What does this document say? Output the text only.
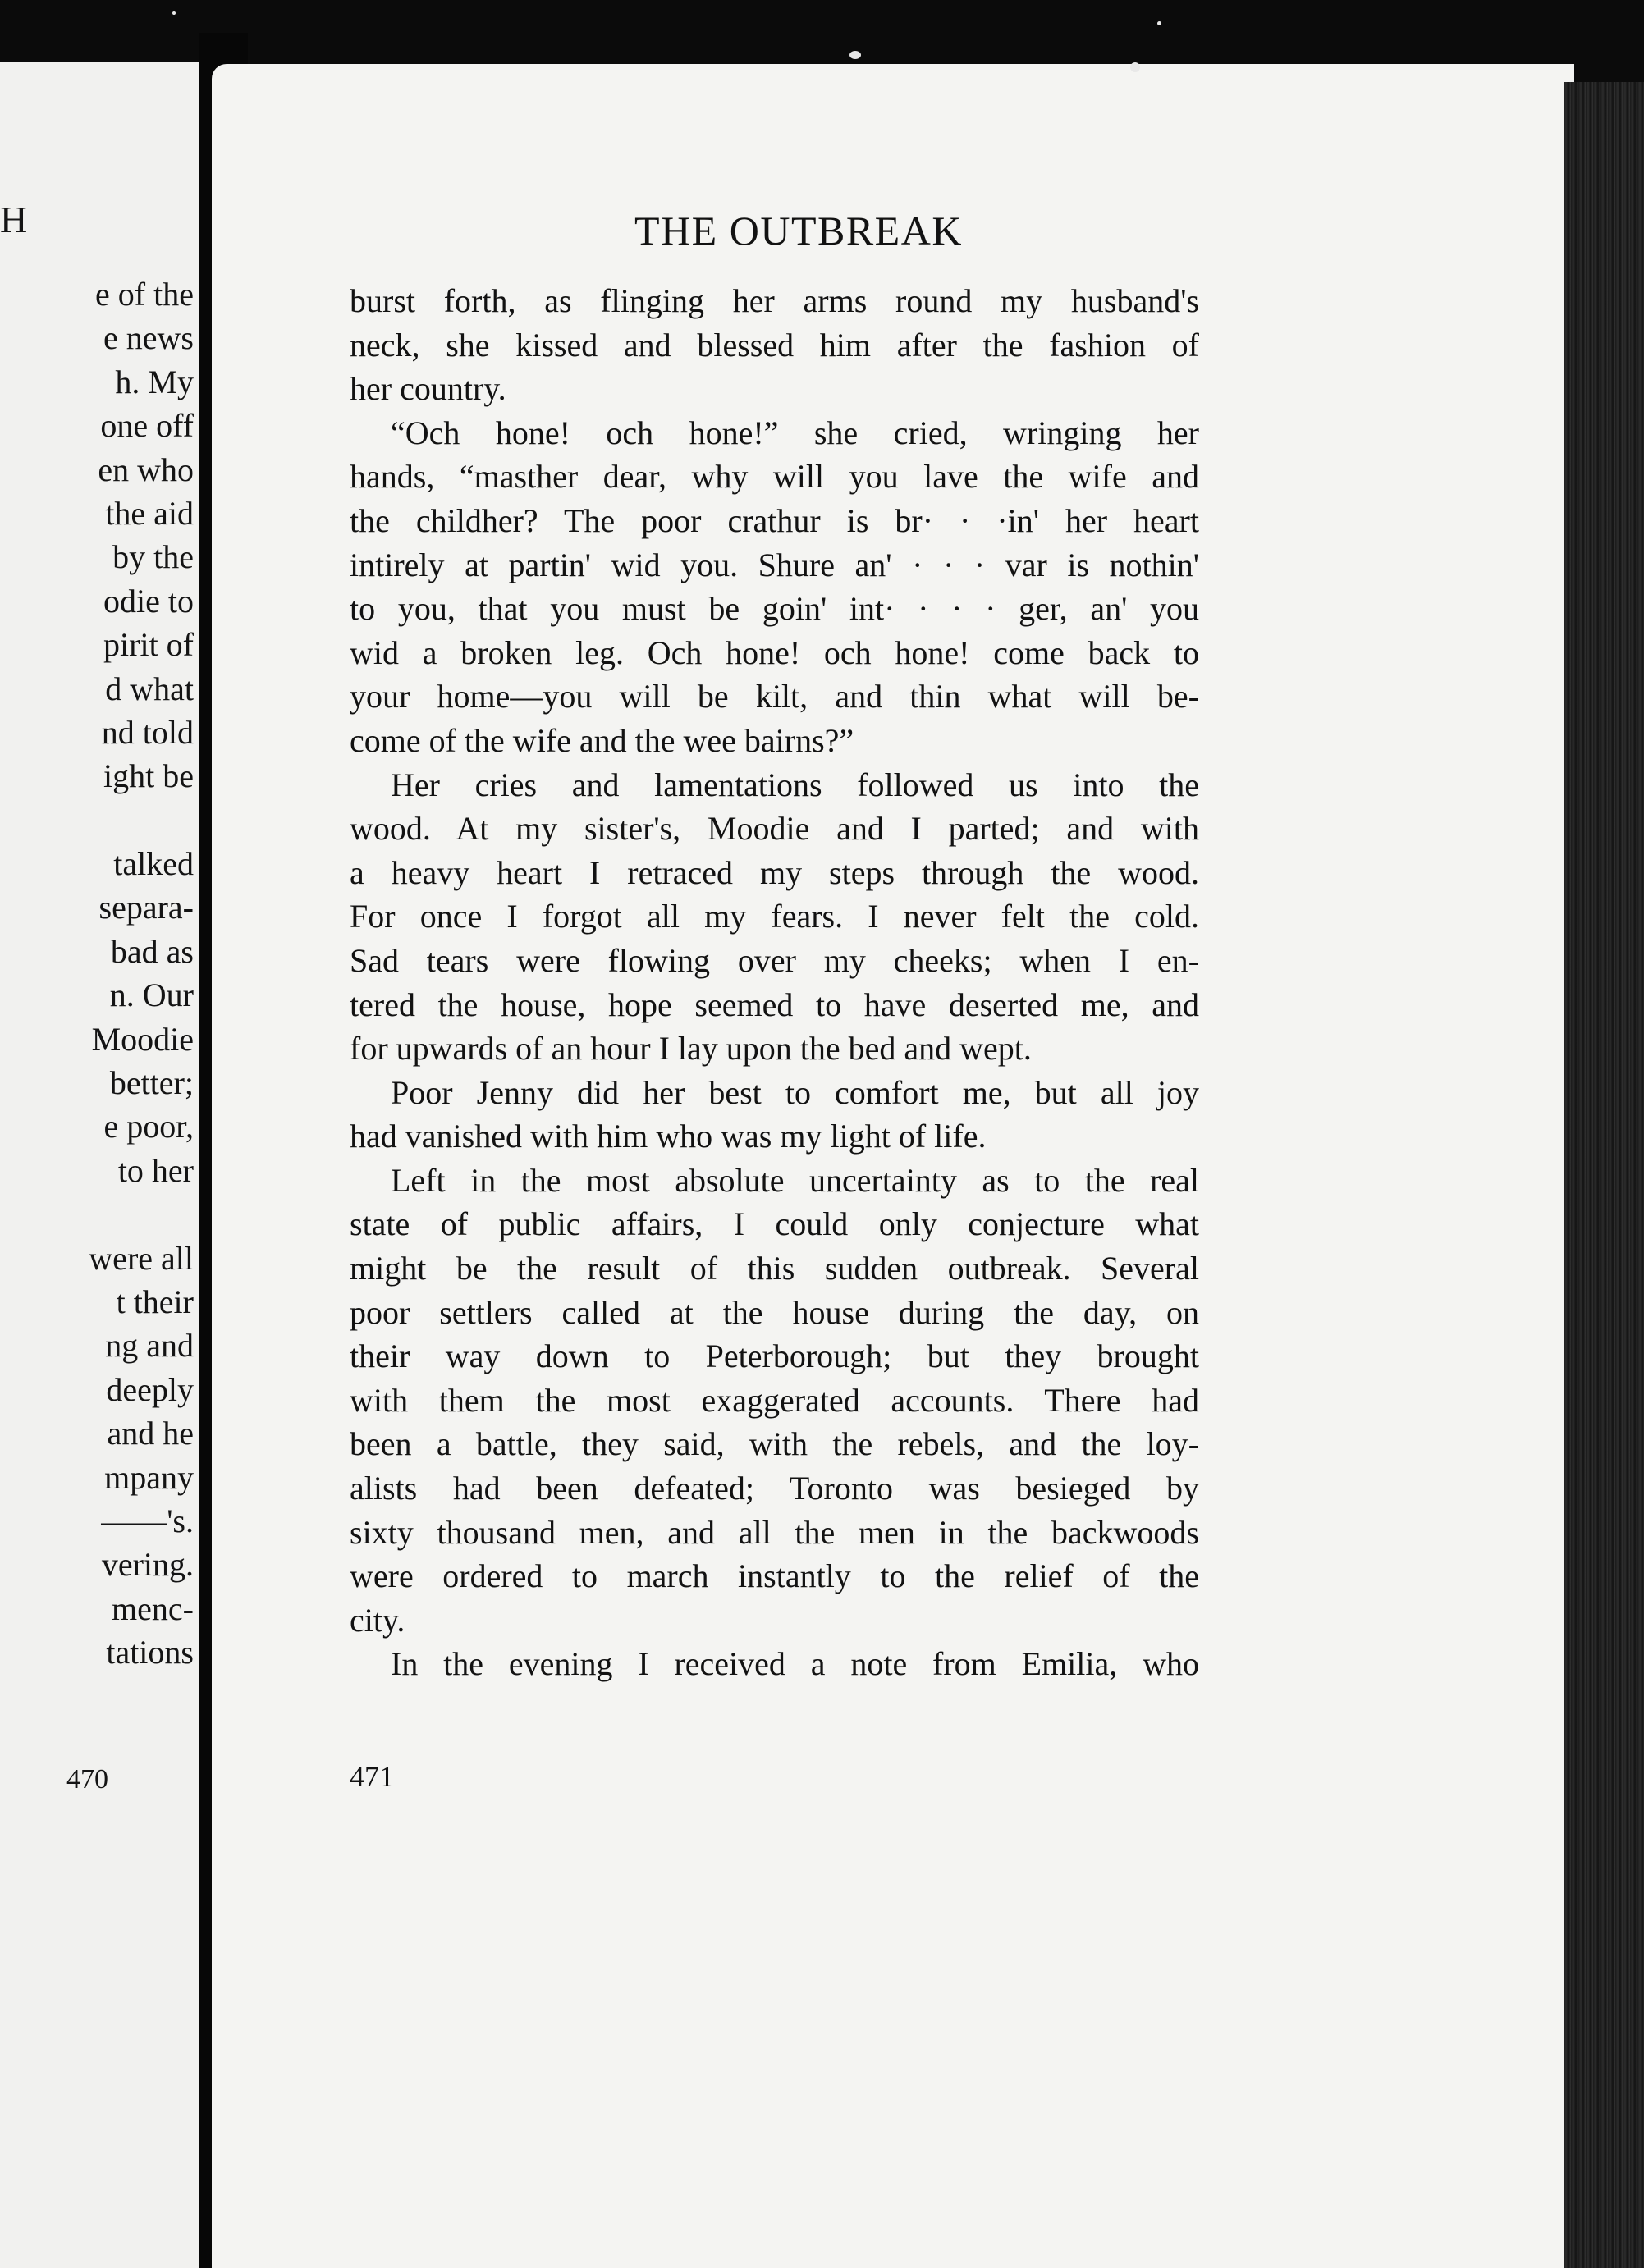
H
e of the
e news
h. My
one off
en who
the aid
by the
odie to
pirit of
d what
nd told
ight be
talked
separa-
bad as
n. Our
Moodie
better;
e poor,
to her
were all
t their
ng and
deeply
and he
mpany
——'s.
vering.
menc-
tations
470
THE OUTBREAK
burst forth, as flinging her arms round my husband's
neck, she kissed and blessed him after the fashion of
her country.
“Och hone! och hone!” she cried, wringing her
hands, “masther dear, why will you lave the wife and
the childher? The poor crathur is br· · ·in' her heart
intirely at partin' wid you. Shure an' · · · var is nothin'
to you, that you must be goin' int· · · · ger, an' you
wid a broken leg. Och hone! och hone! come back to
your home—you will be kilt, and thin what will be-
come of the wife and the wee bairns?”
Her cries and lamentations followed us into the
wood. At my sister's, Moodie and I parted; and with
a heavy heart I retraced my steps through the wood.
For once I forgot all my fears. I never felt the cold.
Sad tears were flowing over my cheeks; when I en-
tered the house, hope seemed to have deserted me, and
for upwards of an hour I lay upon the bed and wept.
Poor Jenny did her best to comfort me, but all joy
had vanished with him who was my light of life.
Left in the most absolute uncertainty as to the real
state of public affairs, I could only conjecture what
might be the result of this sudden outbreak. Several
poor settlers called at the house during the day, on
their way down to Peterborough; but they brought
with them the most exaggerated accounts. There had
been a battle, they said, with the rebels, and the loy-
alists had been defeated; Toronto was besieged by
sixty thousand men, and all the men in the backwoods
were ordered to march instantly to the relief of the
city.
In the evening I received a note from Emilia, who
471
